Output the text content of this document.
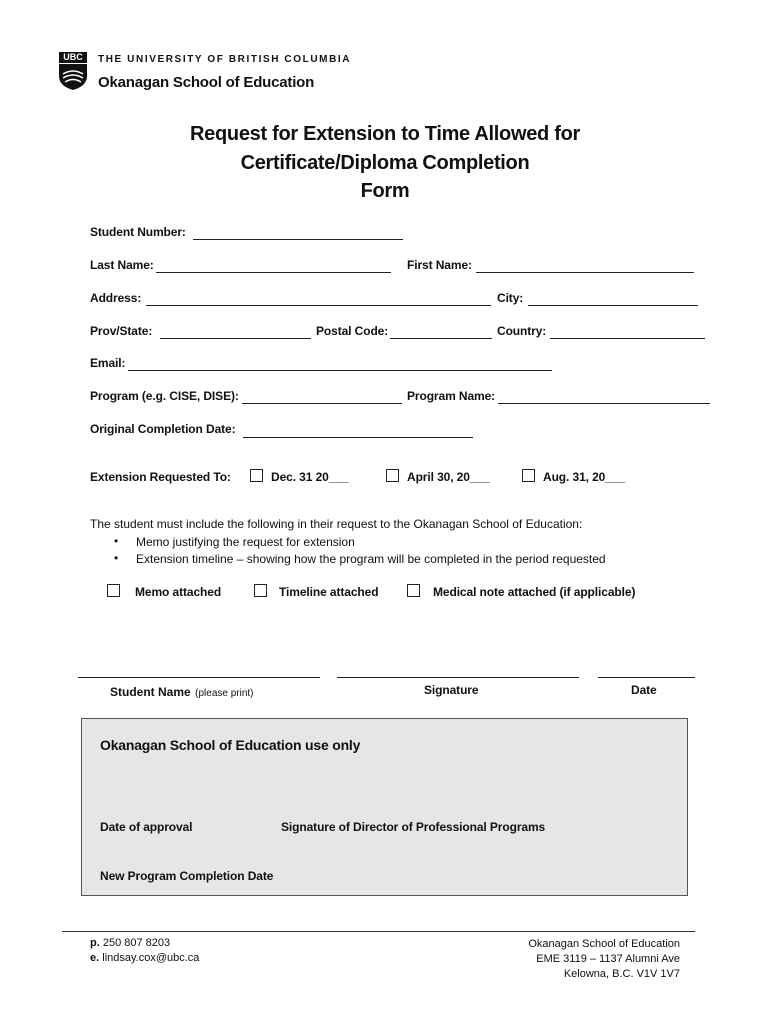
UBC	THE UNIVERSITY OF BRITISH COLUMBIA
Okanagan School of Education
Request for Extension to Time Allowed for
Certificate/Diploma Completion
Form
Student Number:
Last Name:	First Name:
Address:	City:
Prov/State:	Postal Code:	Country:
Email:
Program (e.g. CISE, DISE):	Program Name:
Original Completion Date:
Extension Requested To:	Dec. 31 20___	April 30, 20___	Aug. 31, 20___
The student must include the following in their request to the Okanagan School of Education:
• Memo justifying the request for extension
• Extension timeline – showing how the program will be completed in the period requested
Memo attached	Timeline attached	Medical note attached (if applicable)
Student Name (please print)	Signature	Date
Okanagan School of Education use only
Date of approval	Signature of Director of Professional Programs
New Program Completion Date
p. 250 807 8203
e. lindsay.cox@ubc.ca
Okanagan School of Education
EME 3119 – 1137 Alumni Ave
Kelowna, B.C. V1V 1V7
